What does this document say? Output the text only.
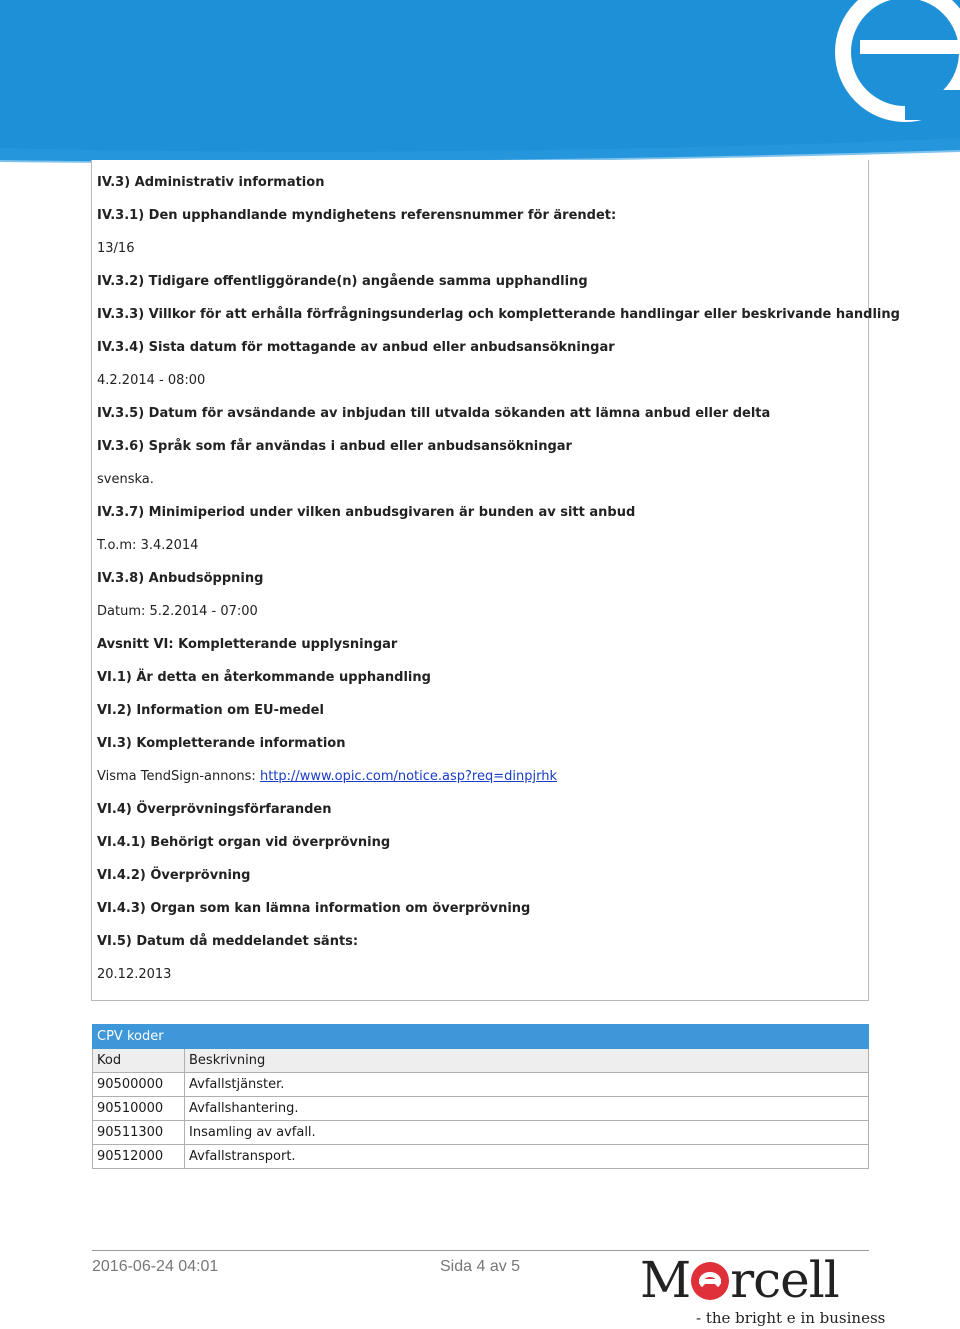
IV.3) Administrativ information
IV.3.1) Den upphandlande myndighetens referensnummer för ärendet:
13/16
IV.3.2) Tidigare offentliggörande(n) angående samma upphandling
IV.3.3) Villkor för att erhålla förfrågningsunderlag och kompletterande handlingar eller beskrivande handling
IV.3.4) Sista datum för mottagande av anbud eller anbudsansökningar
4.2.2014 - 08:00
IV.3.5) Datum för avsändande av inbjudan till utvalda sökanden att lämna anbud eller delta
IV.3.6) Språk som får användas i anbud eller anbudsansökningar
svenska.
IV.3.7) Minimiperiod under vilken anbudsgivaren är bunden av sitt anbud
T.o.m: 3.4.2014
IV.3.8) Anbudsöppning
Datum: 5.2.2014 - 07:00
Avsnitt VI: Kompletterande upplysningar
VI.1) Är detta en återkommande upphandling
VI.2) Information om EU-medel
VI.3) Kompletterande information
Visma TendSign-annons: http://www.opic.com/notice.asp?req=dinpjrhk
VI.4) Överprövningsförfaranden
VI.4.1) Behörigt organ vid överprövning
VI.4.2) Överprövning
VI.4.3) Organ som kan lämna information om överprövning
VI.5) Datum då meddelandet sänts:
20.12.2013
CPV koder	
Kod	Beskrivning
90500000	Avfallstjänster.
90510000	Avfallshantering.
90511300	Insamling av avfall.
90512000	Avfallstransport.
2016-06-24 04:01	Sida 4 av 5 M rcell
- the bright e in business
